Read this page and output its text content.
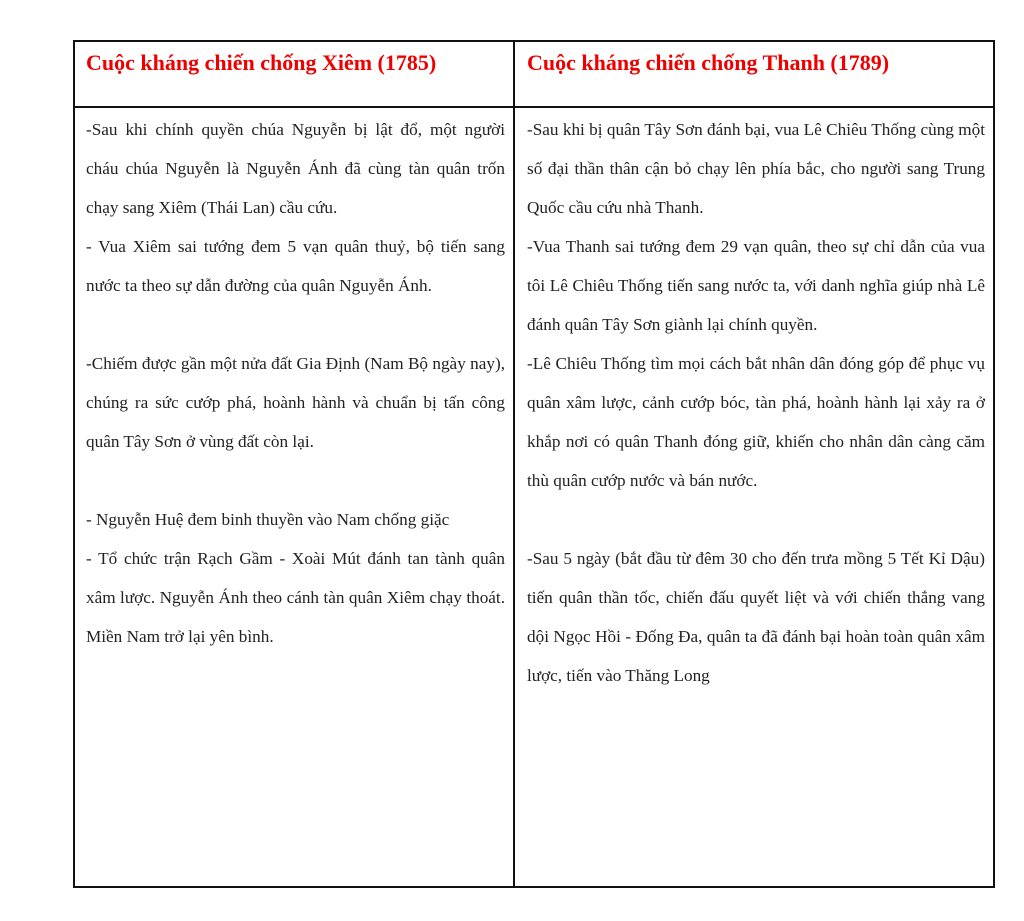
Cuộc kháng chiến chống Xiêm (1785)	Cuộc kháng chiến chống Thanh (1789)

-Sau khi chính quyền chúa Nguyễn bị lật đổ, một người cháu chúa Nguyễn là Nguyễn Ánh đã cùng tàn quân trốn chạy sang Xiêm (Thái Lan) cầu cứu.

- Vua Xiêm sai tướng đem 5 vạn quân thuỷ, bộ tiến sang nước ta theo sự dẫn đường của quân Nguyễn Ánh.

-Chiếm được gần một nửa đất Gia Định (Nam Bộ ngày nay), chúng ra sức cướp phá, hoành hành và chuẩn bị tấn công quân Tây Sơn ở vùng đất còn lại.

- Nguyễn Huệ đem binh thuyền vào Nam chống giặc

- Tổ chức trận Rạch Gầm - Xoài Mút đánh tan tành quân xâm lược. Nguyễn Ánh theo cánh tàn quân Xiêm chạy thoát. Miền Nam trở lại yên bình.

-Sau khi bị quân Tây Sơn đánh bại, vua Lê Chiêu Thống cùng một số đại thần thân cận bỏ chạy lên phía bắc, cho người sang Trung Quốc cầu cứu nhà Thanh.

-Vua Thanh sai tướng đem 29 vạn quân, theo sự chỉ dẫn của vua tôi Lê Chiêu Thống tiến sang nước ta, với danh nghĩa giúp nhà Lê đánh quân Tây Sơn giành lại chính quyền.

-Lê Chiêu Thống tìm mọi cách bắt nhân dân đóng góp để phục vụ quân xâm lược, cảnh cướp bóc, tàn phá, hoành hành lại xảy ra ở khắp nơi có quân Thanh đóng giữ, khiến cho nhân dân càng căm thù quân cướp nước và bán nước.

-Sau 5 ngày (bắt đầu từ đêm 30 cho đến trưa mồng 5 Tết Kỉ Dậu) tiến quân thần tốc, chiến đấu quyết liệt và với chiến thắng vang dội Ngọc Hồi - Đống Đa, quân ta đã đánh bại hoàn toàn quân xâm lược, tiến vào Thăng Long
